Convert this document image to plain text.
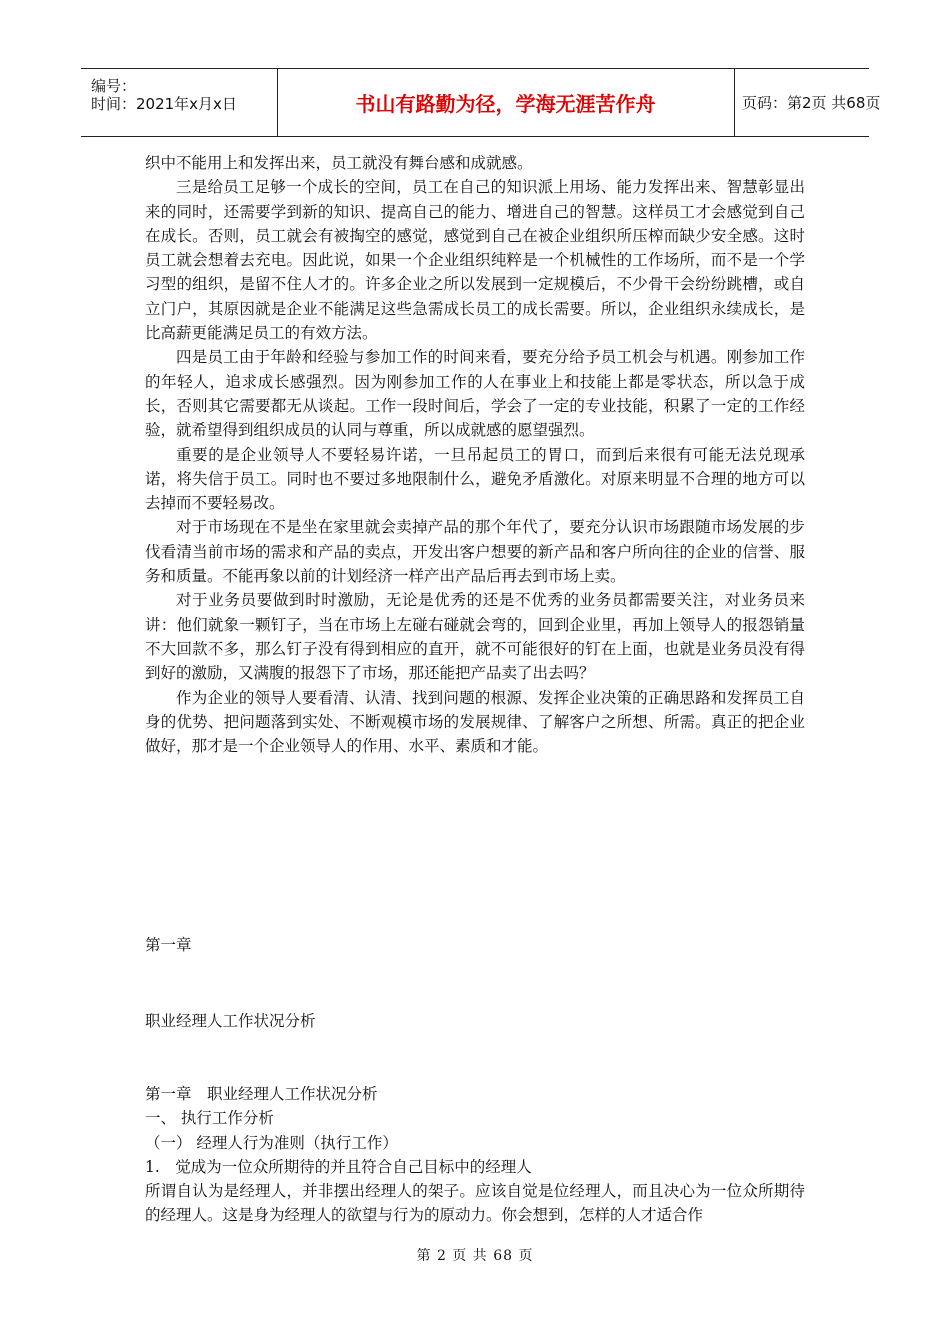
编号：
时间：2021年x月x日	书山有路勤为径，学海无涯苦作舟	页码：第2页 共68页

织中不能用上和发挥出来，员工就没有舞台感和成就感。

三是给员工足够一个成长的空间，员工在自己的知识派上用场、能力发挥出来、智慧彰显出来的同时，还需要学到新的知识、提高自己的能力、增进自己的智慧。这样员工才会感觉到自己在成长。否则，员工就会有被掏空的感觉，感觉到自己在被企业组织所压榨而缺少安全感。这时员工就会想着去充电。因此说，如果一个企业组织纯粹是一个机械性的工作场所，而不是一个学习型的组织，是留不住人才的。许多企业之所以发展到一定规模后，不少骨干会纷纷跳槽，或自立门户，其原因就是企业不能满足这些急需成长员工的成长需要。所以，企业组织永续成长，是比高薪更能满足员工的有效方法。

四是员工由于年龄和经验与参加工作的时间来看，要充分给予员工机会与机遇。刚参加工作的年轻人，追求成长感强烈。因为刚参加工作的人在事业上和技能上都是零状态，所以急于成长，否则其它需要都无从谈起。工作一段时间后，学会了一定的专业技能，积累了一定的工作经验，就希望得到组织成员的认同与尊重，所以成就感的愿望强烈。

重要的是企业领导人不要轻易许诺，一旦吊起员工的胃口，而到后来很有可能无法兑现承诺，将失信于员工。同时也不要过多地限制什么，避免矛盾激化。对原来明显不合理的地方可以去掉而不要轻易改。

对于市场现在不是坐在家里就会卖掉产品的那个年代了，要充分认识市场跟随市场发展的步伐看清当前市场的需求和产品的卖点，开发出客户想要的新产品和客户所向往的企业的信誉、服务和质量。不能再象以前的计划经济一样产出产品后再去到市场上卖。

对于业务员要做到时时激励，无论是优秀的还是不优秀的业务员都需要关注，对业务员来讲：他们就象一颗钉子，当在市场上左碰右碰就会弯的，回到企业里，再加上领导人的报怨销量不大回款不多，那么钉子没有得到相应的直开，就不可能很好的钉在上面，也就是业务员没有得到好的激励，又满腹的报怨下了市场，那还能把产品卖了出去吗？

作为企业的领导人要看清、认清、找到问题的根源、发挥企业决策的正确思路和发挥员工自身的优势、把问题落到实处、不断观模市场的发展规律、了解客户之所想、所需。真正的把企业做好，那才是一个企业领导人的作用、水平、素质和才能。

第一章
职业经理人工作状况分析
第一章　职业经理人工作状况分析
一、 执行工作分析
（一） 经理人行为准则（执行工作）
1.　觉成为一位众所期待的并且符合自己目标中的经理人

所谓自认为是经理人，并非摆出经理人的架子。应该自觉是位经理人，而且决心为一位众所期待的经理人。这是身为经理人的欲望与行为的原动力。你会想到，怎样的人才适合作

第 2 页 共 68 页
